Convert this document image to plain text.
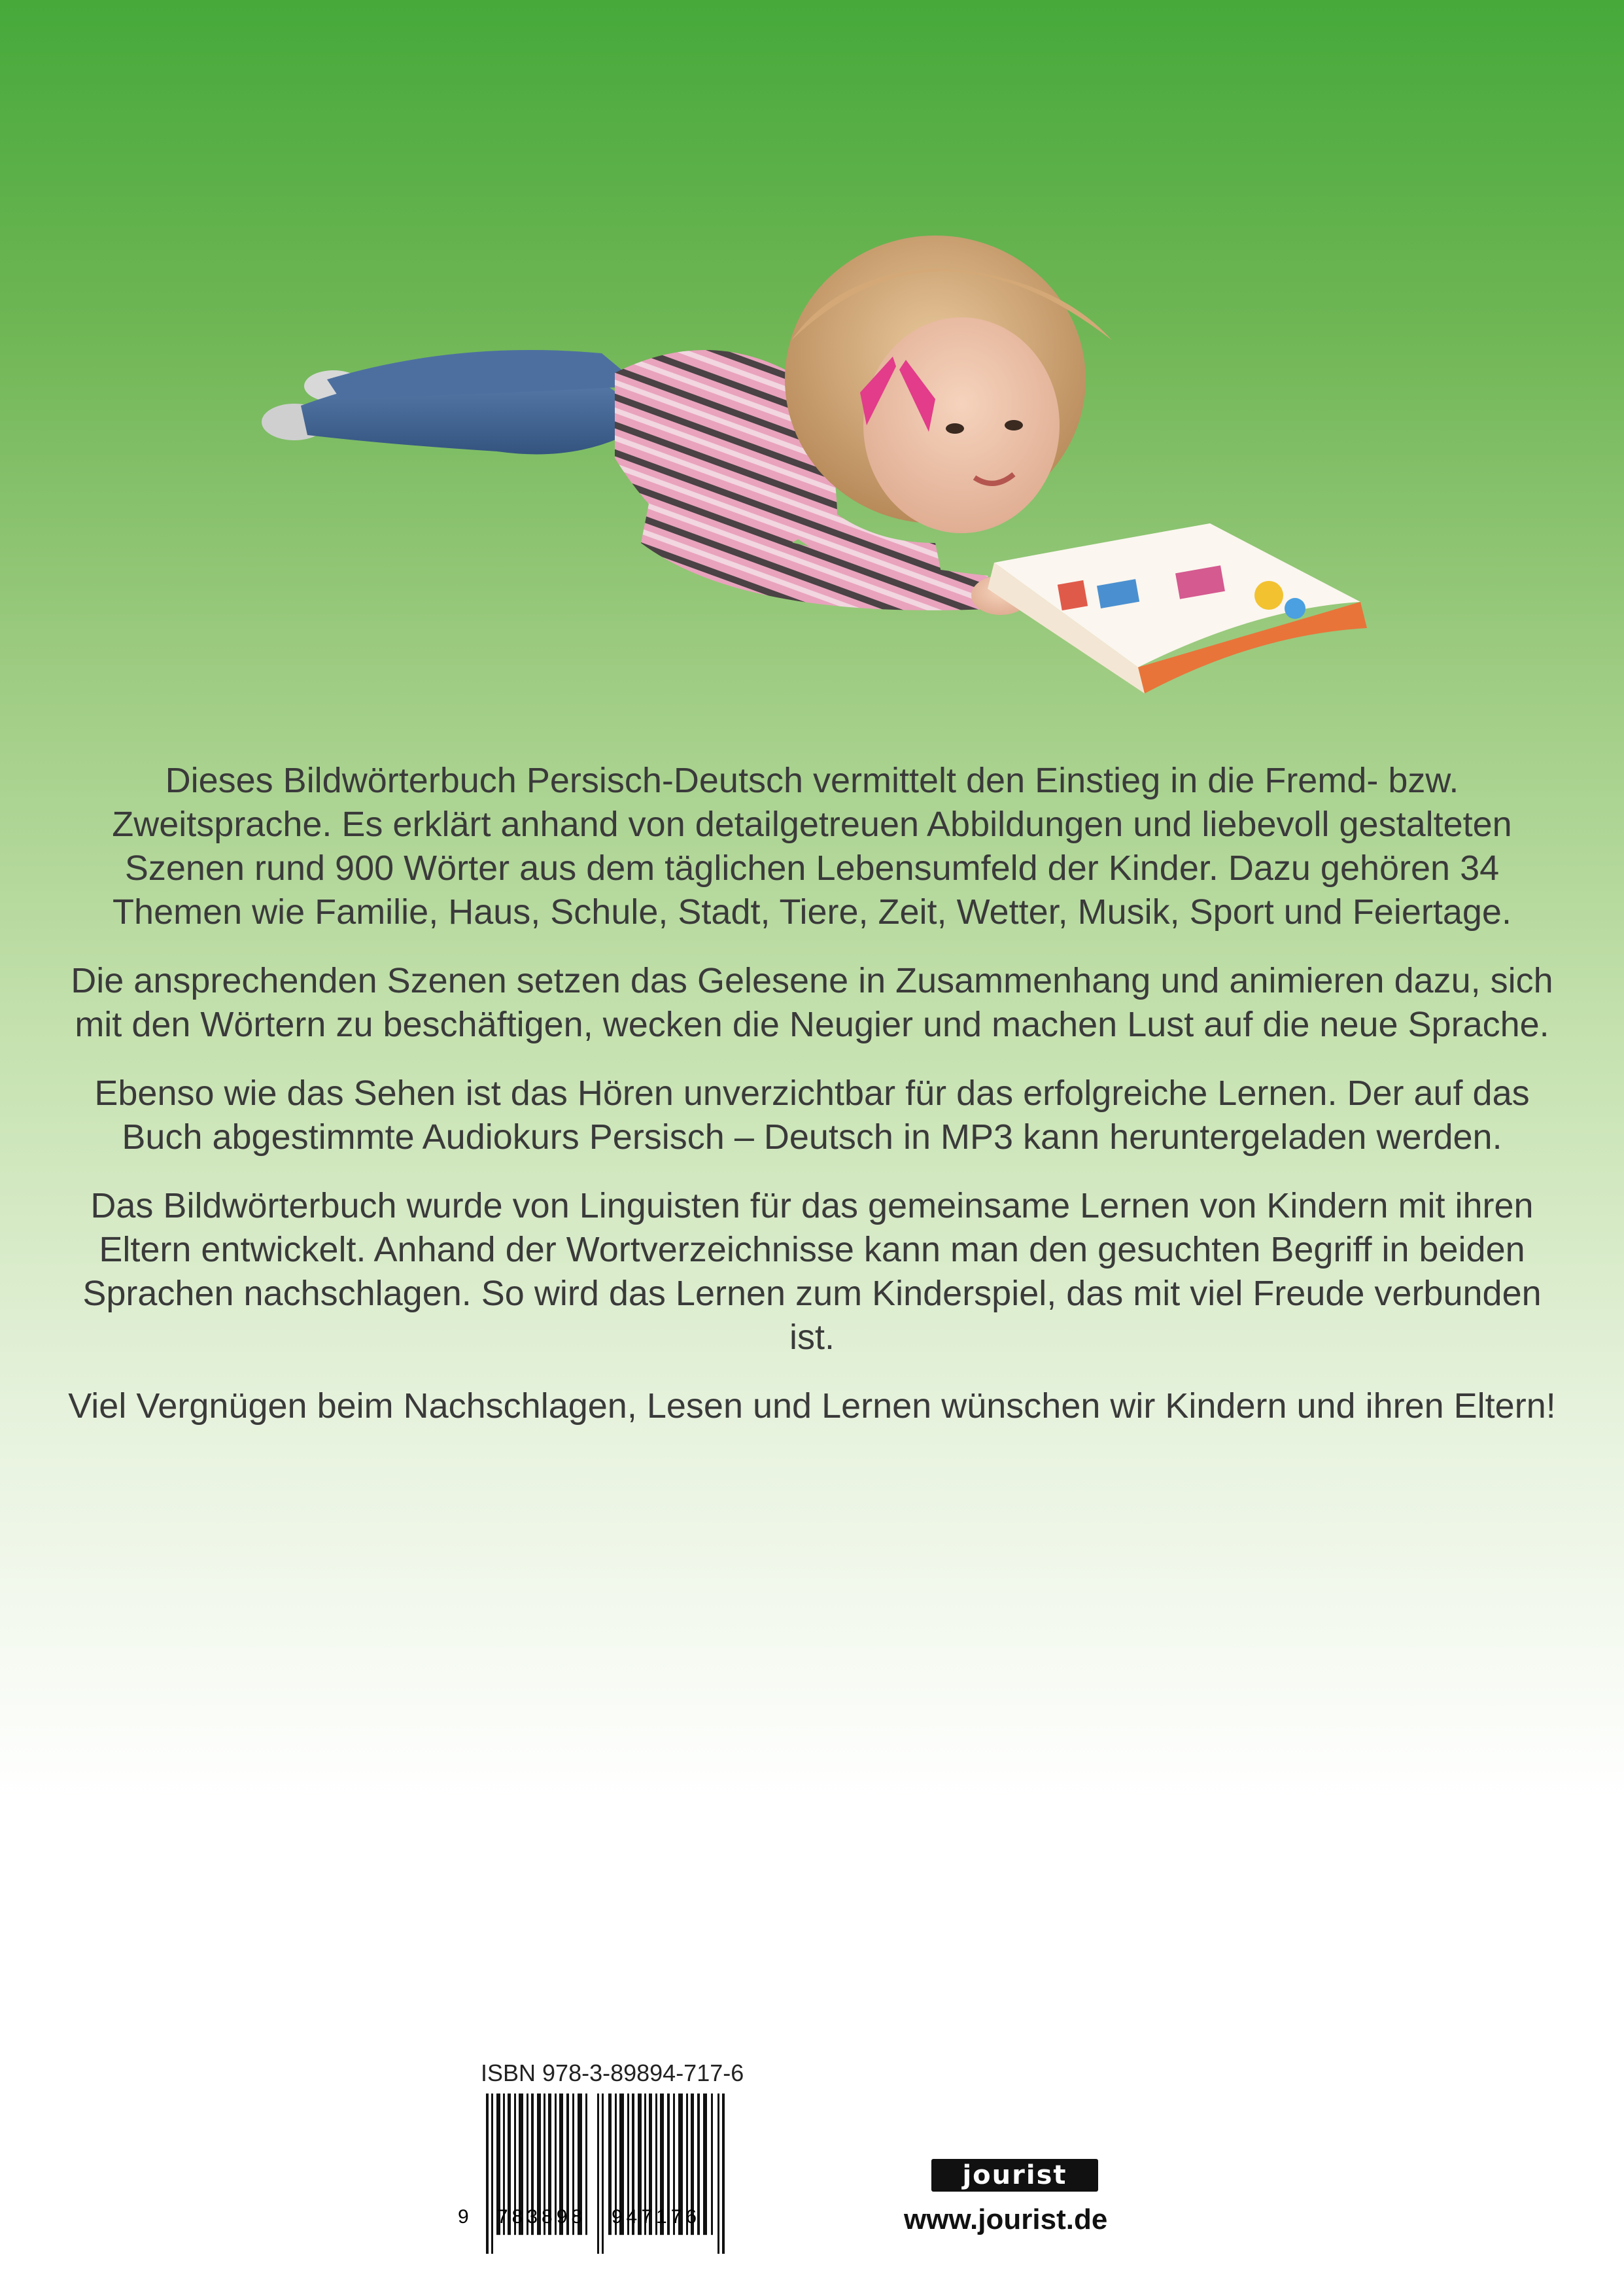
Dieses Bildwörterbuch Persisch-Deutsch vermittelt den Einstieg in die Fremd- bzw. Zweitsprache. Es erklärt anhand von detailgetreuen Abbildungen und liebevoll gestalteten Szenen rund 900 Wörter aus dem täglichen Lebensumfeld der Kinder. Dazu gehören 34 Themen wie Familie, Haus, Schule, Stadt, Tiere, Zeit, Wetter, Musik, Sport und Feiertage.

Die ansprechenden Szenen setzen das Gelesene in Zusammenhang und animieren dazu, sich mit den Wörtern zu beschäftigen, wecken die Neugier und machen Lust auf die neue Sprache.

Ebenso wie das Sehen ist das Hören unverzichtbar für das erfolgreiche Lernen. Der auf das Buch abgestimmte Audiokurs Persisch – Deutsch in MP3 kann heruntergeladen werden.

Das Bildwörterbuch wurde von Linguisten für das gemeinsame Lernen von Kindern mit ihren Eltern entwickelt. Anhand der Wortverzeichnisse kann man den gesuchten Begriff in beiden Sprachen nachschlagen. So wird das Lernen zum Kinderspiel, das mit viel Freude verbunden ist.

Viel Vergnügen beim Nachschlagen, Lesen und Lernen wünschen wir Kindern und ihren Eltern!

ISBN 978-3-89894-717-6
9 783898 947176
jourist
www.jourist.de
